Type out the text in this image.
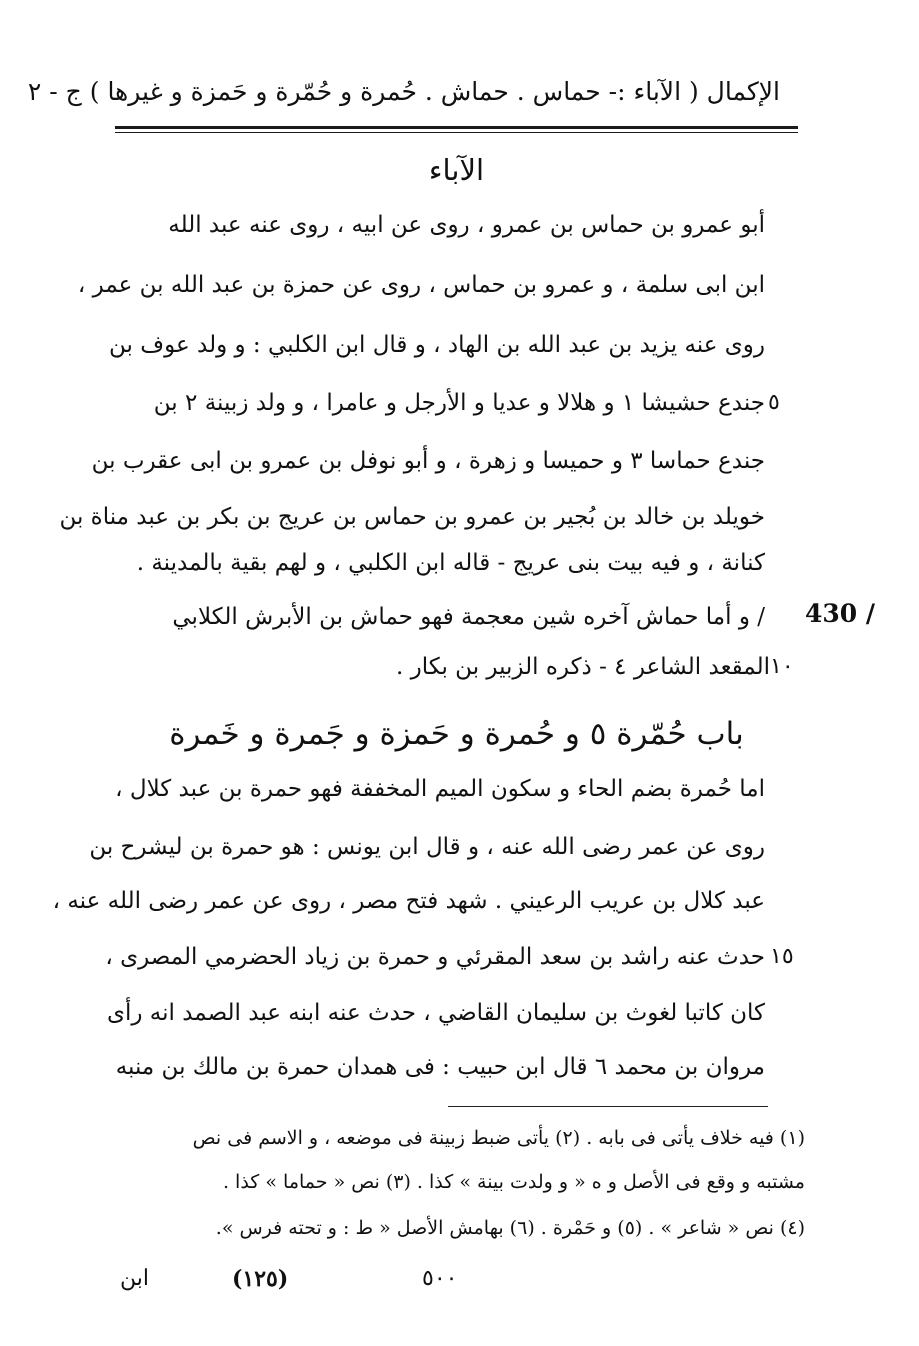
الإكمال ( الآباء :- حماس . حماش . حُمرة و حُمّرة و حَمزة و غيرها ) ج - ٢
الآباء
أبو عمرو بن حماس بن عمرو ، روى عن ابيه ، روى عنه عبد الله
ابن ابى سلمة ، و عمرو بن حماس ، روى عن حمزة بن عبد الله بن عمر ،
روى عنه يزيد بن عبد الله بن الهاد ، و قال ابن الكلبي : و ولد عوف بن
جندع حشيشا ١ و هلالا و عديا و الأرجل و عامرا ، و ولد زبينة ٢ بن ٥
جندع حماسا ٣ و حميسا و زهرة ، و أبو نوفل بن عمرو بن ابى عقرب بن
خويلد بن خالد بن بُجير بن عمرو بن حماس بن عريج بن بكر بن عبد مناة بن
كنانة ، و فيه بيت بنى عريج - قاله ابن الكلبي ، و لهم بقية بالمدينة .
/ و أما حماش آخره شين معجمة فهو حماش بن الأبرش الكلابي 430 /
المقعد الشاعر ٤ - ذكره الزبير بن بكار . ١٠
باب حُمّرة ٥ و حُمرة و حَمزة و جَمرة و خَمرة
اما حُمرة بضم الحاء و سكون الميم المخففة فهو حمرة بن عبد كلال ،
روى عن عمر رضى الله عنه ، و قال ابن يونس : هو حمرة بن ليشرح بن
عبد كلال بن عريب الرعيني . شهد فتح مصر ، روى عن عمر رضى الله عنه ،
حدث عنه راشد بن سعد المقرئي و حمرة بن زياد الحضرمي المصرى ، ١٥
كان كاتبا لغوث بن سليمان القاضي ، حدث عنه ابنه عبد الصمد انه رأى
مروان بن محمد ٦ قال ابن حبيب : فى همدان حمرة بن مالك بن منبه
(١) فيه خلاف يأتى فى بابه . (٢) يأتى ضبط زبينة فى موضعه ، و الاسم فى نص
مشتبه و وقع فى الأصل و ه « و ولدت بينة » كذا . (٣) نص « حماما » كذا .
(٤) نص « شاعر » . (٥) و حَمْرة . (٦) بهامش الأصل « ط : و تحته فرس ».
ابن	(١٢٥)	٥٠٠
